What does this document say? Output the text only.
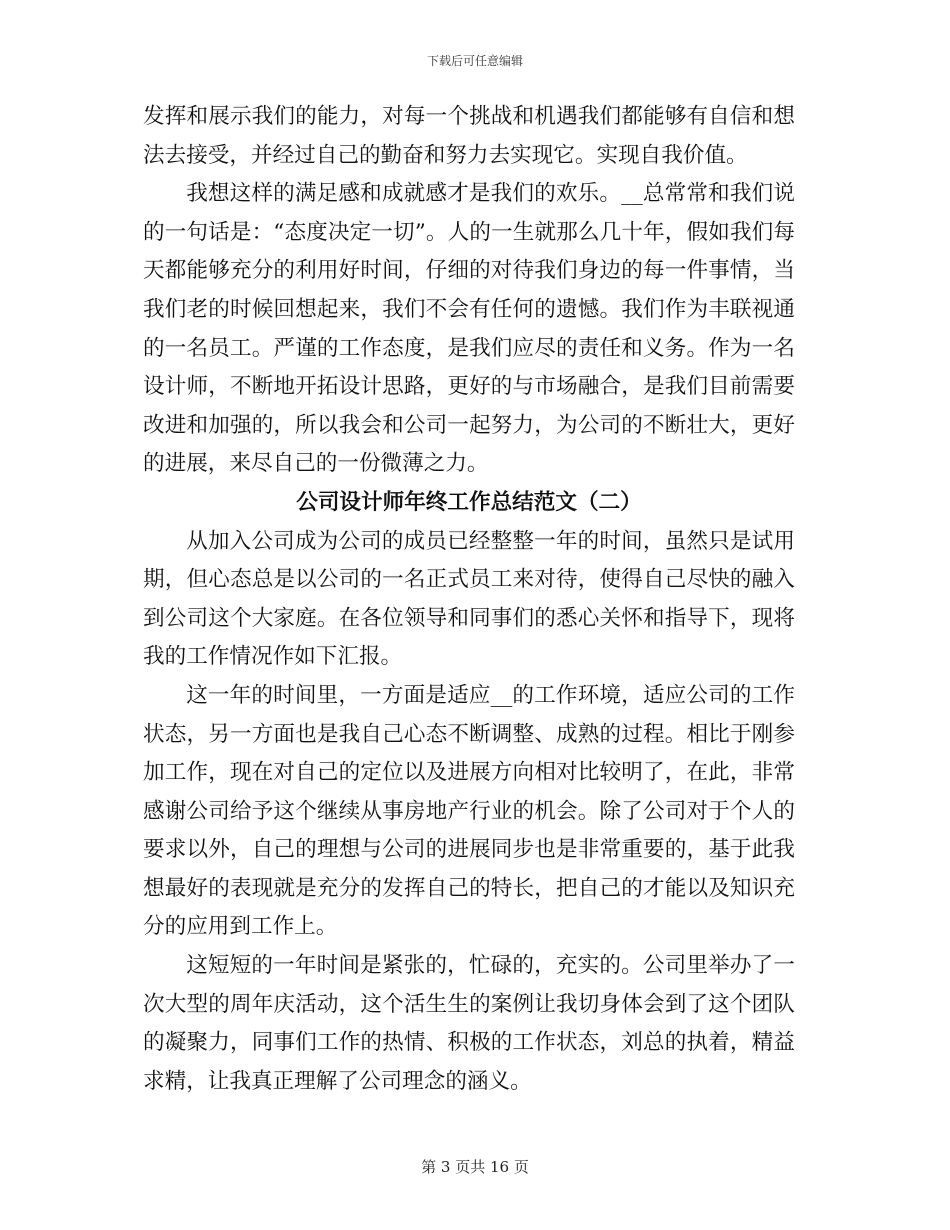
下载后可任意编辑

发挥和展示我们的能力，对每一个挑战和机遇我们都能够有自信和想法去接受，并经过自己的勤奋和努力去实现它。实现自我价值。

我想这样的满足感和成就感才是我们的欢乐。__总常常和我们说的一句话是：“态度决定一切”。人的一生就那么几十年，假如我们每天都能够充分的利用好时间，仔细的对待我们身边的每一件事情，当我们老的时候回想起来，我们不会有任何的遗憾。我们作为丰联视通的一名员工。严谨的工作态度，是我们应尽的责任和义务。作为一名设计师，不断地开拓设计思路，更好的与市场融合，是我们目前需要改进和加强的，所以我会和公司一起努力，为公司的不断壮大，更好的进展，来尽自己的一份微薄之力。

公司设计师年终工作总结范文（二）

从加入公司成为公司的成员已经整整一年的时间，虽然只是试用期，但心态总是以公司的一名正式员工来对待，使得自己尽快的融入到公司这个大家庭。在各位领导和同事们的悉心关怀和指导下，现将我的工作情况作如下汇报。

这一年的时间里，一方面是适应__的工作环境，适应公司的工作状态，另一方面也是我自己心态不断调整、成熟的过程。相比于刚参加工作，现在对自己的定位以及进展方向相对比较明了，在此，非常感谢公司给予这个继续从事房地产行业的机会。除了公司对于个人的要求以外，自己的理想与公司的进展同步也是非常重要的，基于此我想最好的表现就是充分的发挥自己的特长，把自己的才能以及知识充分的应用到工作上。

这短短的一年时间是紧张的，忙碌的，充实的。公司里举办了一次大型的周年庆活动，这个活生生的案例让我切身体会到了这个团队的凝聚力，同事们工作的热情、积极的工作状态，刘总的执着，精益求精，让我真正理解了公司理念的涵义。

第 3 页共 16 页
